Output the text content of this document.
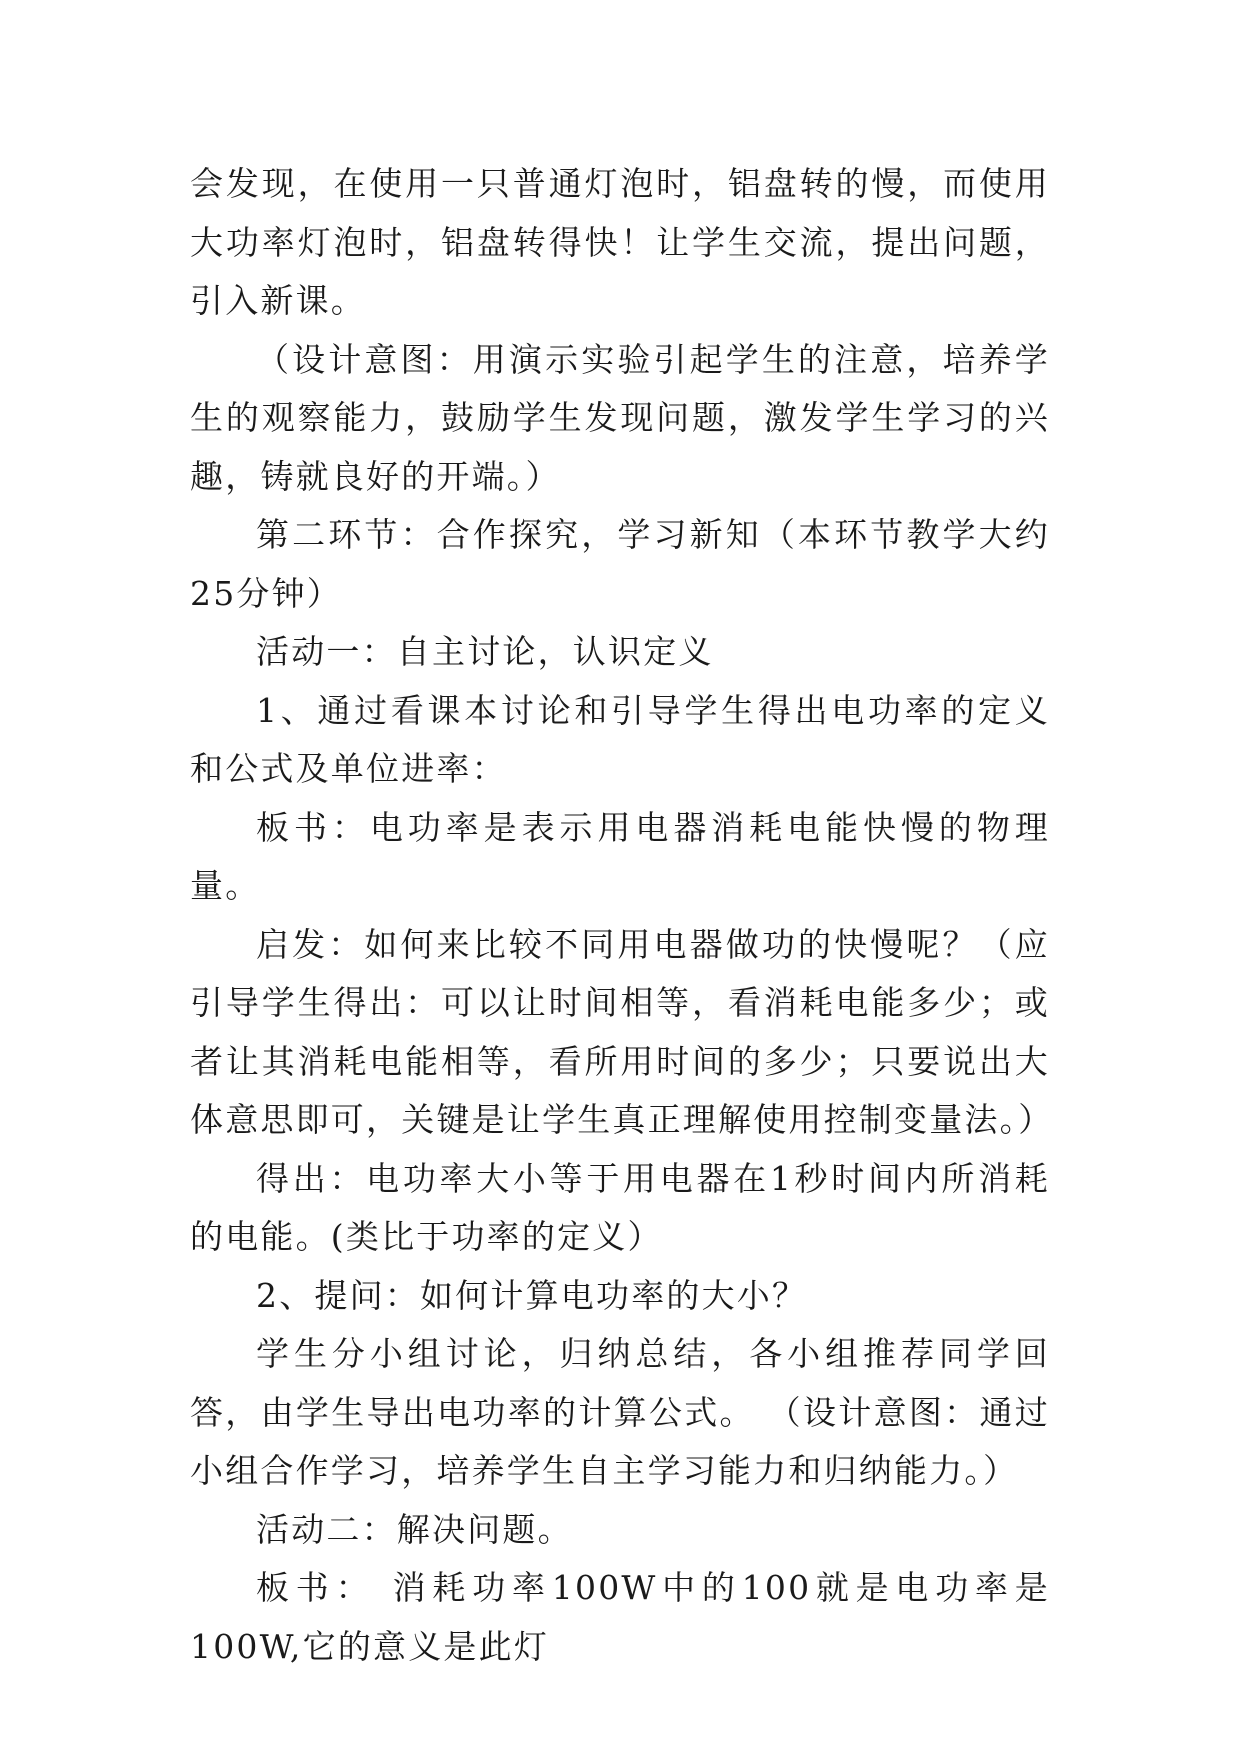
会发现，在使用一只普通灯泡时，铝盘转的慢，而使用大功率灯泡时，铝盘转得快！让学生交流，提出问题，引入新课。

（设计意图：用演示实验引起学生的注意，培养学生的观察能力，鼓励学生发现问题，激发学生学习的兴趣，铸就良好的开端。）

第二环节：合作探究，学习新知（本环节教学大约25分钟）

活动一：自主讨论，认识定义

1、通过看课本讨论和引导学生得出电功率的定义和公式及单位进率：

板书：电功率是表示用电器消耗电能快慢的物理量。

启发：如何来比较不同用电器做功的快慢呢？（应引导学生得出：可以让时间相等，看消耗电能多少；或者让其消耗电能相等，看所用时间的多少；只要说出大体意思即可，关键是让学生真正理解使用控制变量法。）

得出：电功率大小等于用电器在1秒时间内所消耗的电能。(类比于功率的定义）

2、提问：如何计算电功率的大小？

学生分小组讨论，归纳总结，各小组推荐同学回答，由学生导出电功率的计算公式。 （设计意图：通过小组合作学习，培养学生自主学习能力和归纳能力。）

活动二：解决问题。

板书： 消耗功率100W中的100就是电功率是100W,它的意义是此灯
